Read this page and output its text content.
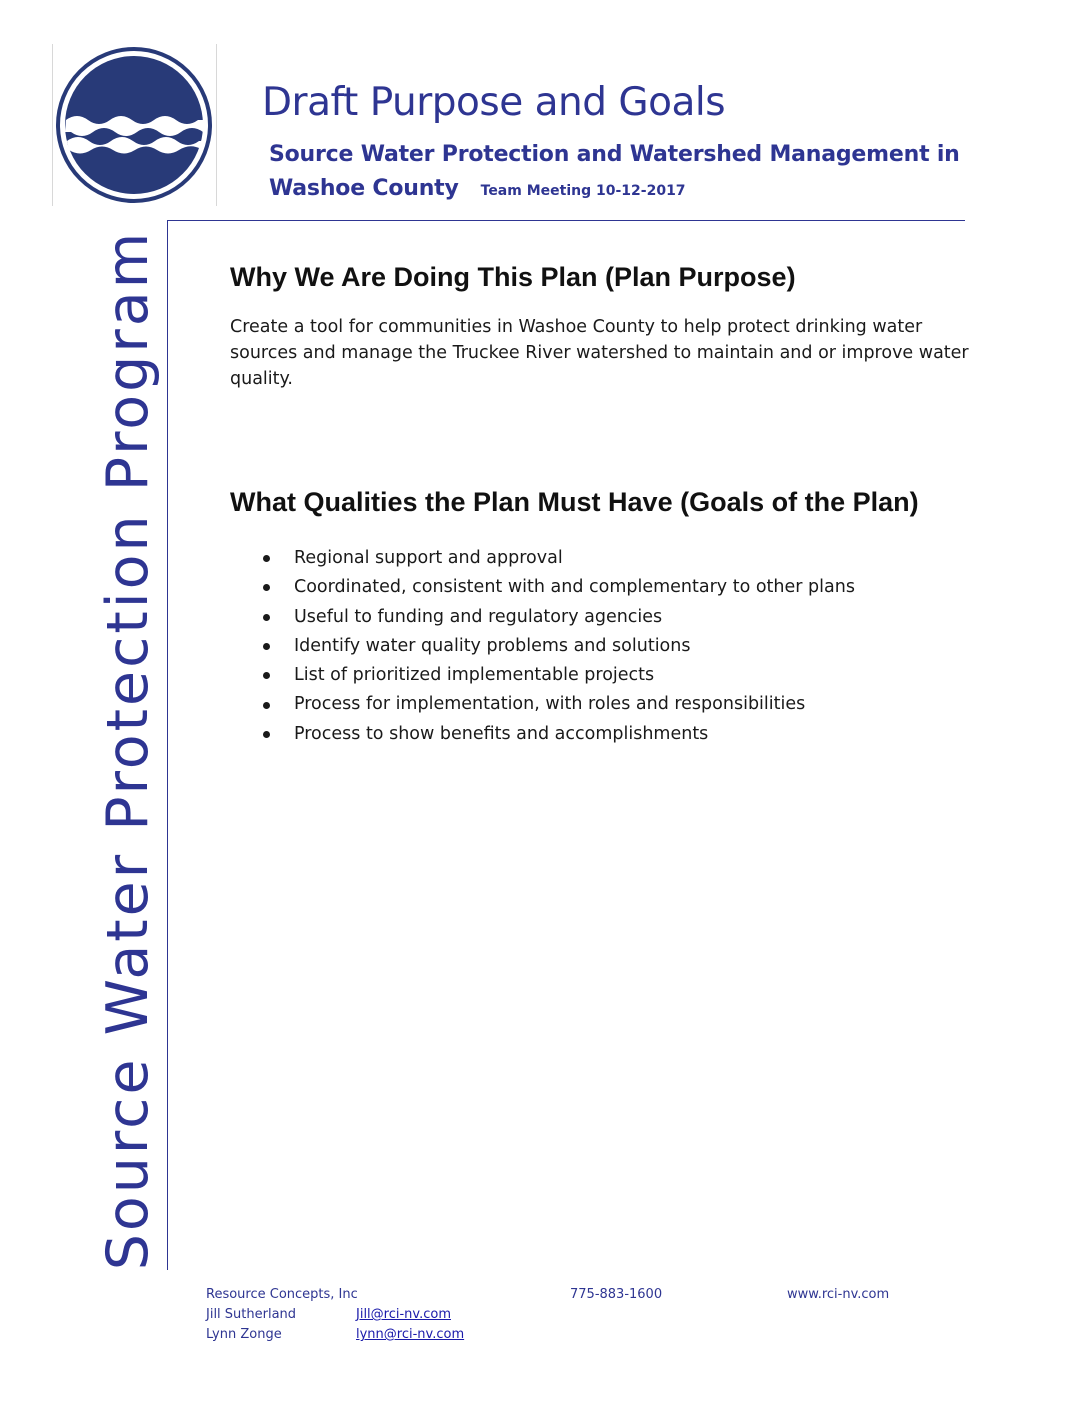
Draft Purpose and Goals

Source Water Protection and Watershed Management in Washoe County Team Meeting 10-12-2017

Source Water Protection Program	Why We Are Doing This Plan (Plan Purpose)

Create a tool for communities in Washoe County to help protect drinking water sources and manage the Truckee River watershed to maintain and or improve water quality.

What Qualities the Plan Must Have (Goals of the Plan)
Regional support and approval
Coordinated, consistent with and complementary to other plans
Useful to funding and regulatory agencies
Identify water quality problems and solutions
List of prioritized implementable projects
Process for implementation, with roles and responsibilities
Process to show benefits and accomplishments
Resource Concepts, Inc	775-883-1600	www.rci-nv.com
Jill Sutherland	Jill@rci-nv.com
Lynn Zonge	lynn@rci-nv.com
